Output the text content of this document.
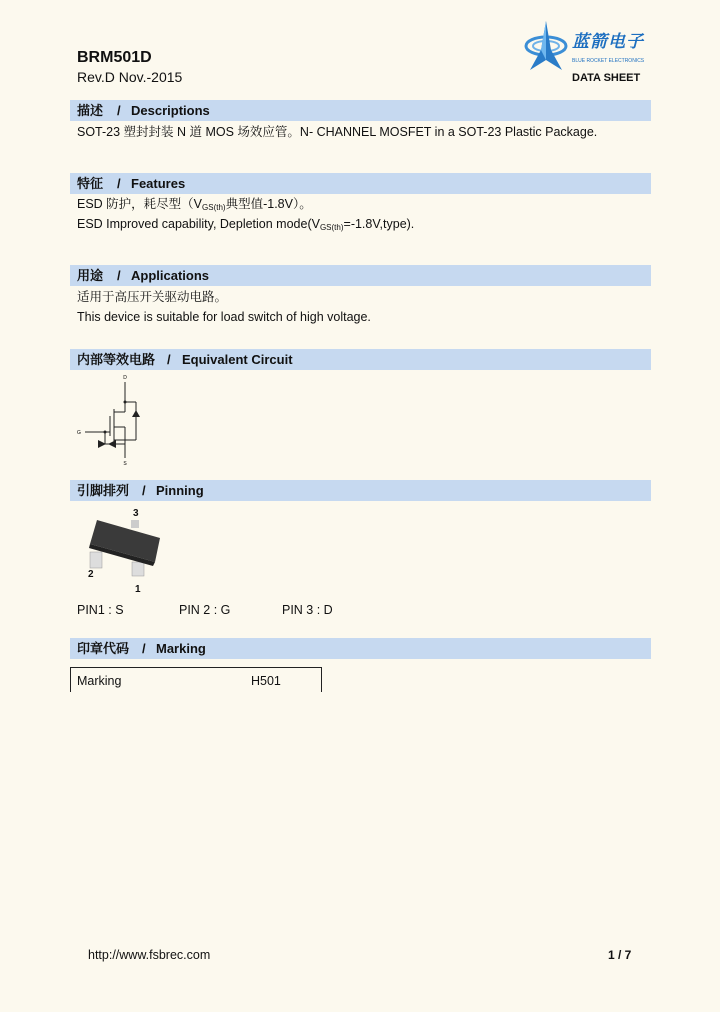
BRM501D
Rev.D Nov.-2015
蓝箭电子
BLUE ROCKET ELECTRONICS
DATA SHEET
描述 / Descriptions
SOT-23 塑封封装 N 道 MOS 场效应管。N- CHANNEL MOSFET in a SOT-23 Plastic Package.
特征 / Features
ESD 防护，耗尽型（$V_{GS(th)}$典型值-1.8V）。
ESD Improved capability, Depletion $mode(V_{GS(th)}=-1.8V,type)$.
用途 / Applications
适用于高压开关驱动电路。
This device is suitable for load switch of high voltage.
内部等效电路 / Equivalent Circuit
D
G
S
引脚排列 / Pinning
3
2
1
PIN1 : S	PIN 2 : G	PIN 3 : D
印章代码 / Marking
Marking	H501
http://www.fsbrec.com	1 / 7
